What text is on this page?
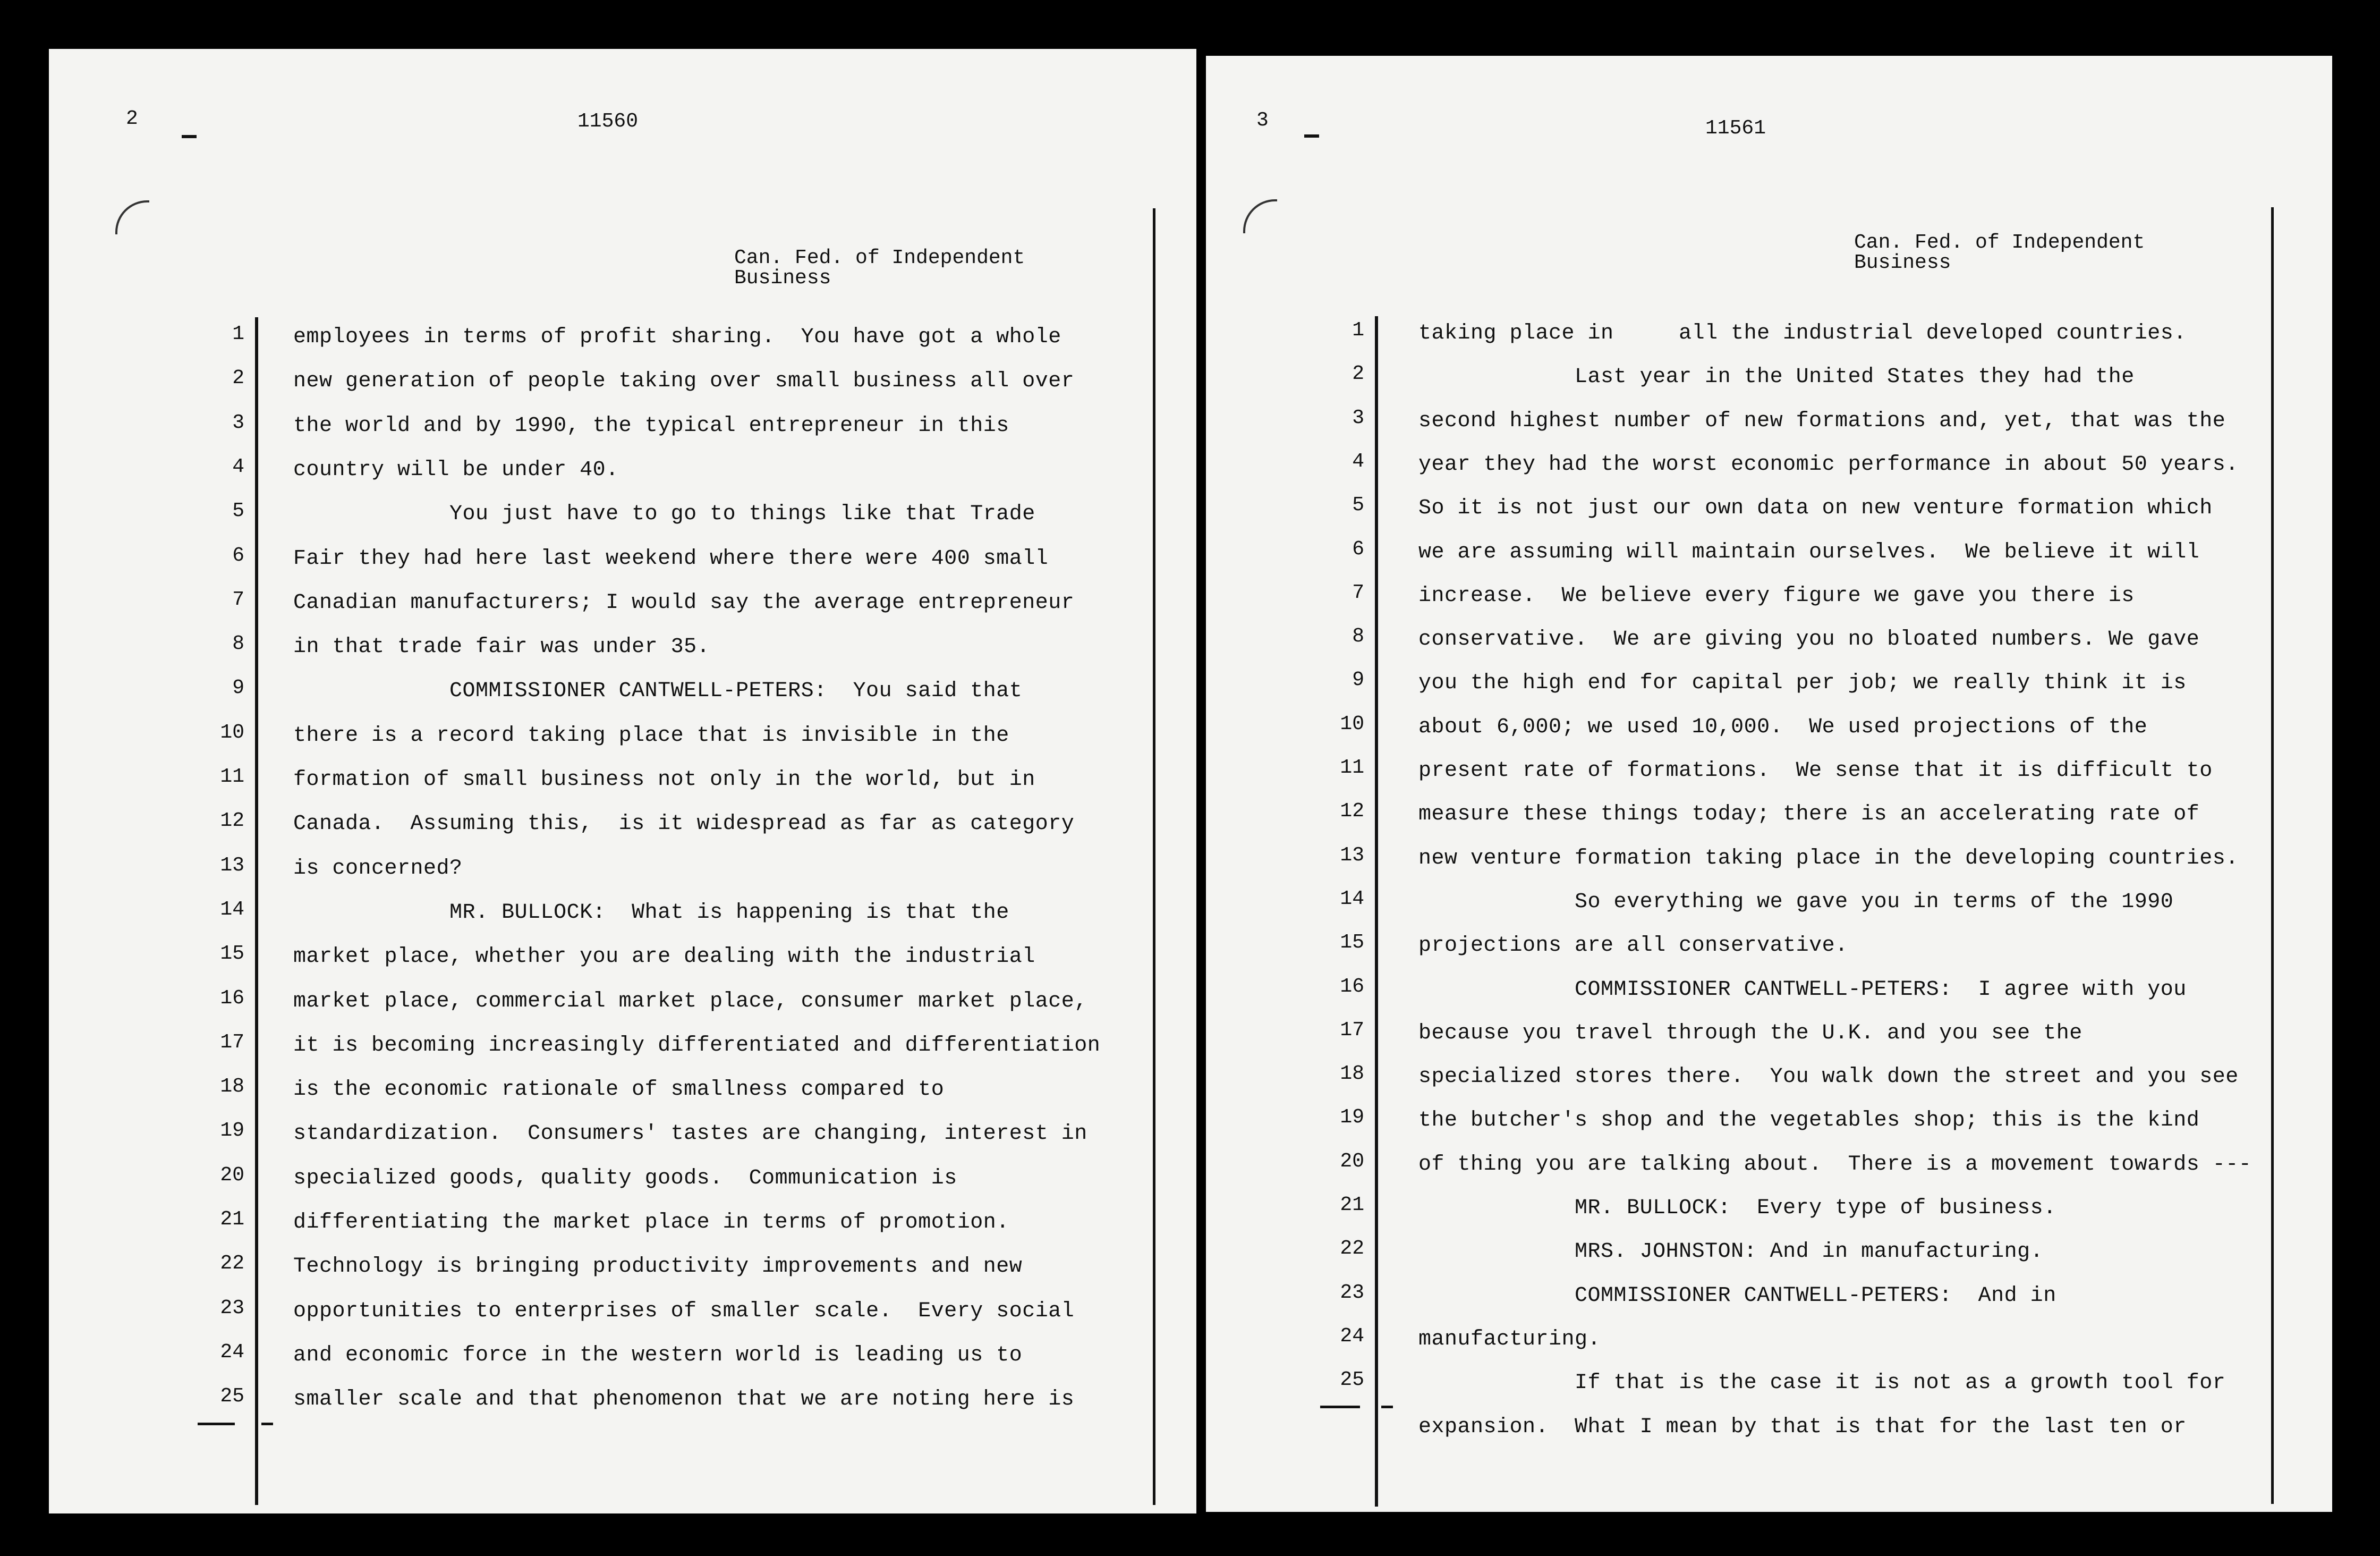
2	11560
Can. Fed. of Independent
Business
1
2
3
4
5
6
7
8
9
10
11
12
13
14
15
16
17
18
19
20
21
22
23
24
25
employees in terms of profit sharing.  You have got a whole
new generation of people taking over small business all over
the world and by 1990, the typical entrepreneur in this
country will be under 40.
You just have to go to things like that Trade
Fair they had here last weekend where there were 400 small
Canadian manufacturers; I would say the average entrepreneur
in that trade fair was under 35.
COMMISSIONER CANTWELL-PETERS:  You said that
there is a record taking place that is invisible in the
formation of small business not only in the world, but in
Canada.  Assuming this,  is it widespread as far as category
is concerned?
MR. BULLOCK:  What is happening is that the
market place, whether you are dealing with the industrial
market place, commercial market place, consumer market place,
it is becoming increasingly differentiated and differentiation
is the economic rationale of smallness compared to
standardization.  Consumers' tastes are changing, interest in
specialized goods, quality goods.  Communication is
differentiating the market place in terms of promotion.
Technology is bringing productivity improvements and new
opportunities to enterprises of smaller scale.  Every social
and economic force in the western world is leading us to
smaller scale and that phenomenon that we are noting here is
3	11561
Can. Fed. of Independent
Business
1
2
3
4
5
6
7
8
9
10
11
12
13
14
15
16
17
18
19
20
21
22
23
24
25
taking place in     all the industrial developed countries.
Last year in the United States they had the
second highest number of new formations and, yet, that was the
year they had the worst economic performance in about 50 years.
So it is not just our own data on new venture formation which
we are assuming will maintain ourselves.  We believe it will
increase.  We believe every figure we gave you there is
conservative.  We are giving you no bloated numbers. We gave
you the high end for capital per job; we really think it is
about 6,000; we used 10,000.  We used projections of the
present rate of formations.  We sense that it is difficult to
measure these things today; there is an accelerating rate of
new venture formation taking place in the developing countries.
So everything we gave you in terms of the 1990
projections are all conservative.
COMMISSIONER CANTWELL-PETERS:  I agree with you
because you travel through the U.K. and you see the
specialized stores there.  You walk down the street and you see
the butcher's shop and the vegetables shop; this is the kind
of thing you are talking about.  There is a movement towards ---
MR. BULLOCK:  Every type of business.
MRS. JOHNSTON: And in manufacturing.
COMMISSIONER CANTWELL-PETERS:  And in
manufacturing.
If that is the case it is not as a growth tool for
expansion.  What I mean by that is that for the last ten or
